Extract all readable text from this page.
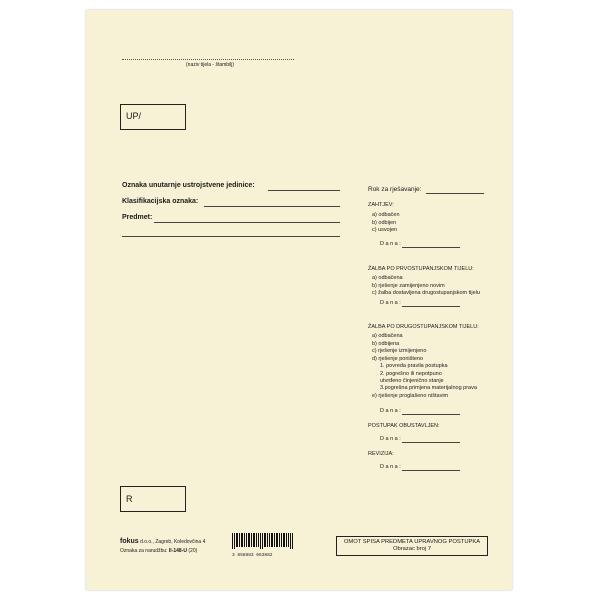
(naziv tijela - štambilj)
UP/
Oznaka unutarnje ustrojstvene jedinice:
Klasifikacijska oznaka:
Predmet:
Rok za rješavanje:
ZAHTJEV:
a) odbačen
b) odbijen
c) usvojen
D a n a :
ŽALBA PO PRVOSTUPANJSKOM TIJELU:
a) odbačena
b) rješenje zamijenjeno novim
c) žalba dostavljena drugostupanjskom tijelu
D a n a :
ŽALBA PO DRUGOSTUPANJSKOM TIJELU:
a) odbačena
b) odbijena
c) rješenje izmijenjeno
d) rješenje poništeno
1. povreda pravila postupka
2. pogrešno ili nepotpuno
utvrđeno činjenično stanje
3.pogrešna primjena materijalnog prava
e) rješenje proglašeno ništavim
D a n a :
POSTUPAK OBUSTAVLJEN:
D a n a :
REVIZIJA:
D a n a :
R
fokus d.o.o., Zagreb, Koledovčina 4
Oznaka za narudžbu: II-148-U (20)
3 858883 663882
OMOT SPISA PREDMETA UPRAVNOG POSTUPKA
Obrazac broj 7
